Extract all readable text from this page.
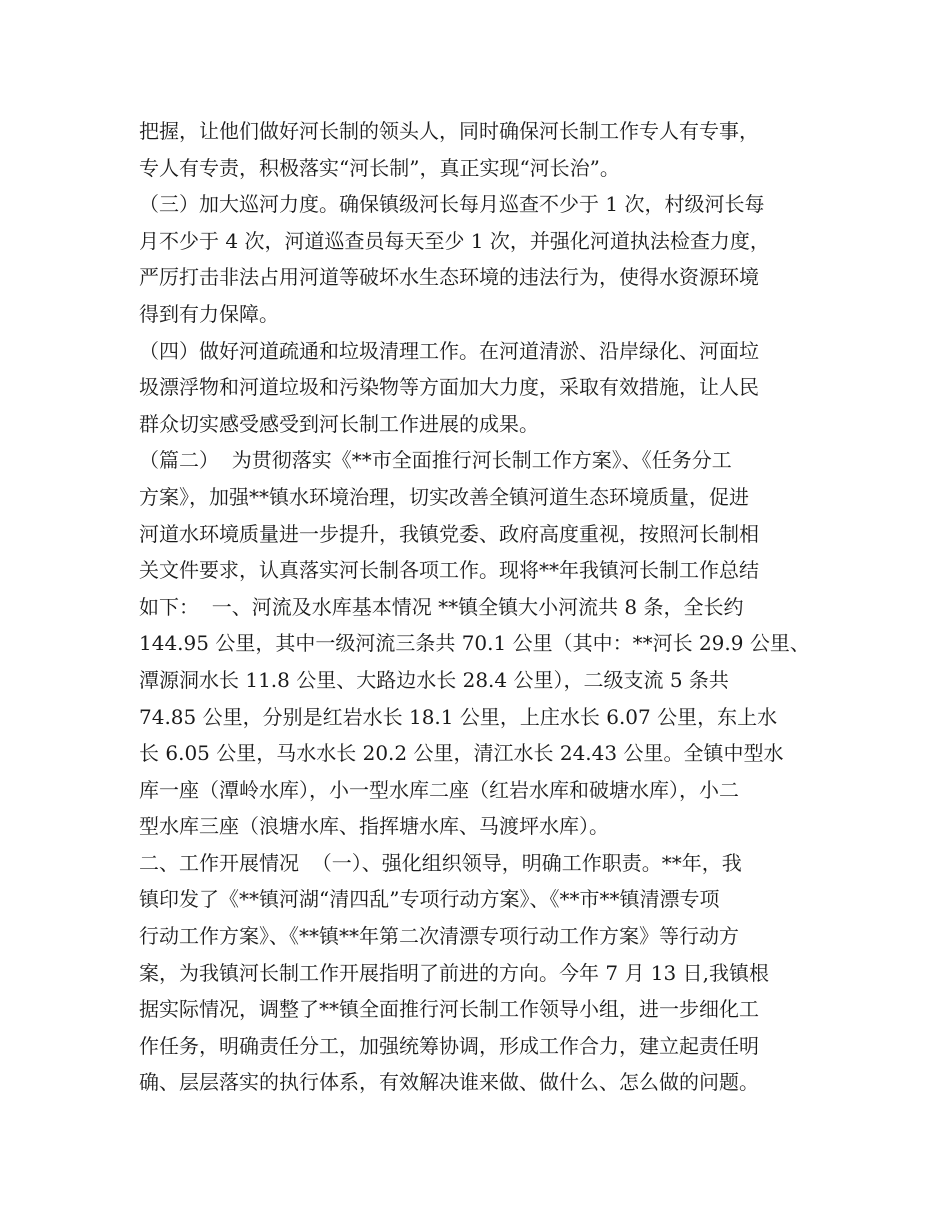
把握，让他们做好河长制的领头人，同时确保河长制工作专人有专事，
专人有专责，积极落实“河长制”，真正实现“河长治”。
（三）加大巡河力度。确保镇级河长每月巡查不少于 1 次，村级河长每
月不少于 4 次，河道巡查员每天至少 1 次，并强化河道执法检查力度，
严厉打击非法占用河道等破坏水生态环境的违法行为，使得水资源环境
得到有力保障。
（四）做好河道疏通和垃圾清理工作。在河道清淤、沿岸绿化、河面垃
圾漂浮物和河道垃圾和污染物等方面加大力度，采取有效措施，让人民
群众切实感受感受到河长制工作进展的成果。
（篇二）  为贯彻落实《**市全面推行河长制工作方案》、《任务分工
方案》，加强**镇水环境治理，切实改善全镇河道生态环境质量，促进
河道水环境质量进一步提升，我镇党委、政府高度重视，按照河长制相
关文件要求，认真落实河长制各项工作。现将**年我镇河长制工作总结
如下：  一、河流及水库基本情况 **镇全镇大小河流共 8 条，全长约
144.95 公里，其中一级河流三条共 70.1 公里（其中：**河长 29.9 公里、
潭源洞水长 11.8 公里、大路边水长 28.4 公里），二级支流 5 条共
74.85 公里，分别是红岩水长 18.1 公里，上庄水长 6.07 公里，东上水
长 6.05 公里，马水水长 20.2 公里，清江水长 24.43 公里。全镇中型水
库一座（潭岭水库），小一型水库二座（红岩水库和破塘水库），小二
型水库三座（浪塘水库、指挥塘水库、马渡坪水库）。
二、工作开展情况  （一）、强化组织领导，明确工作职责。**年，我
镇印发了《**镇河湖“清四乱”专项行动方案》、《**市**镇清漂专项
行动工作方案》、《**镇**年第二次清漂专项行动工作方案》等行动方
案，为我镇河长制工作开展指明了前进的方向。今年 7 月 13 日,我镇根
据实际情况，调整了**镇全面推行河长制工作领导小组，进一步细化工
作任务，明确责任分工，加强统筹协调，形成工作合力，建立起责任明
确、层层落实的执行体系，有效解决谁来做、做什么、怎么做的问题。
